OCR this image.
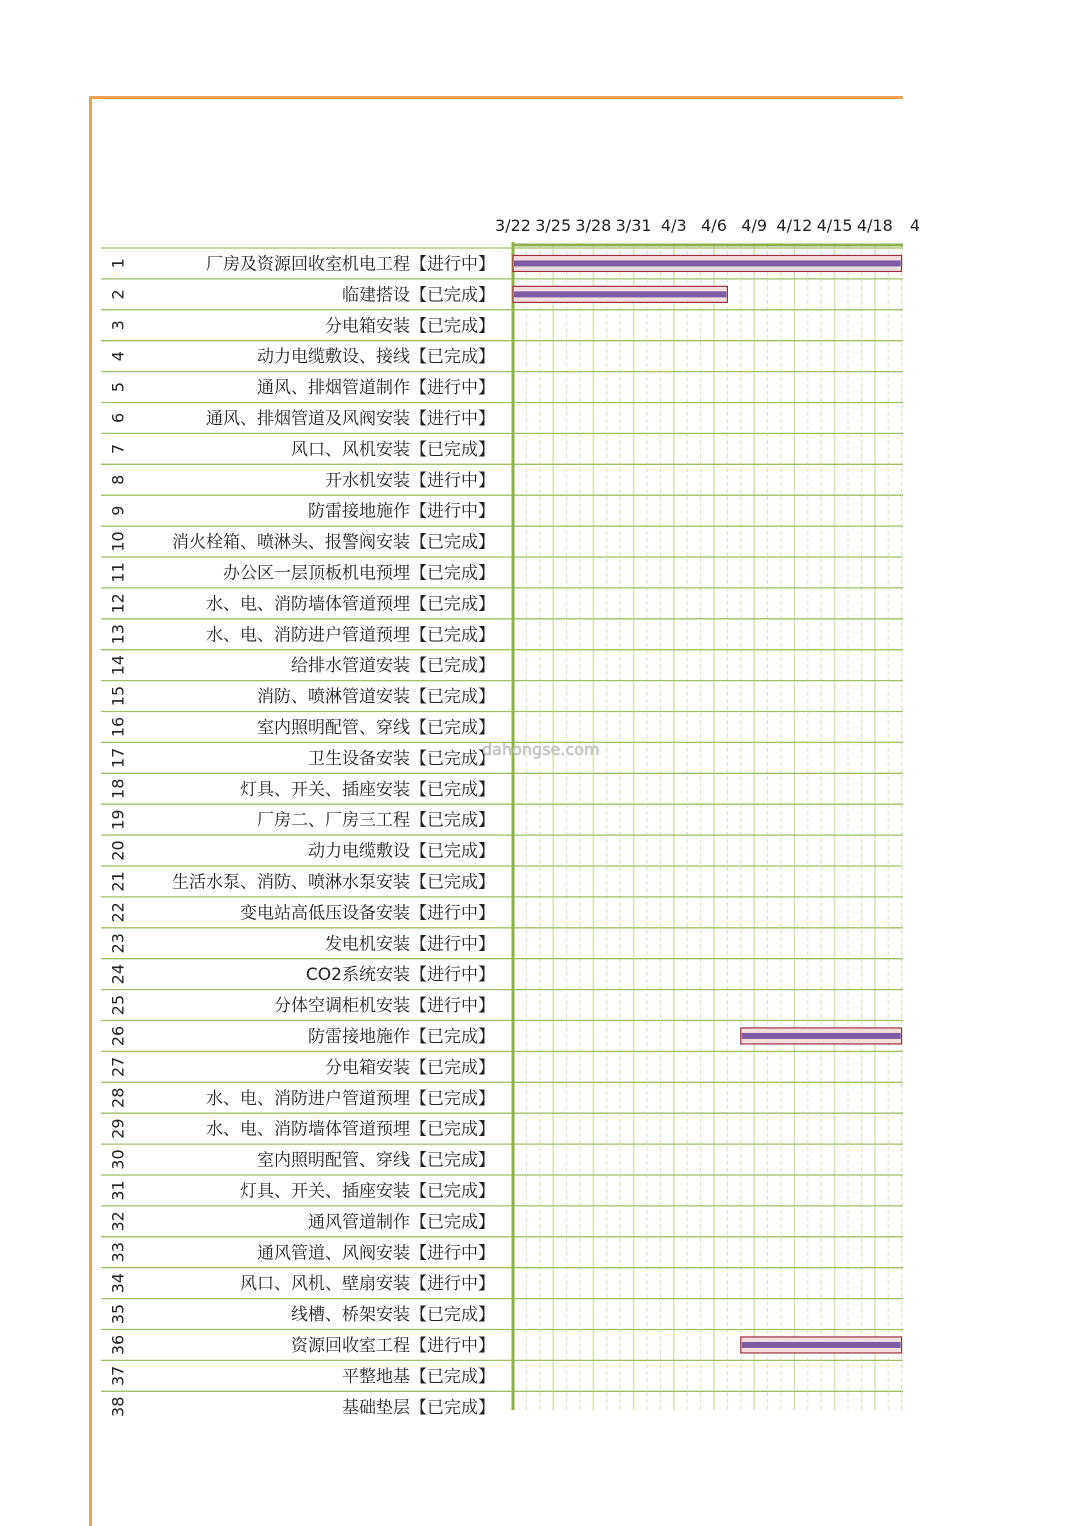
3/22 3/25 3/28 3/31 4/3 4/6 4/9 4/12 4/15 4/18 4
1
2
3
4
5
6
7
8
9
10
11
12
13
14
15
16
17
18
19
20
21
22
23
24
25
26
27
28
29
30
31
32
33
34
35
36
37
38
厂房及资源回收室机电工程【进行中】
临建搭设【已完成】
分电箱安装【已完成】
动力电缆敷设、接线【已完成】
通风、排烟管道制作【进行中】
通风、排烟管道及风阀安装【进行中】
风口、风机安装【已完成】
开水机安装【进行中】
防雷接地施作【进行中】
消火栓箱、喷淋头、报警阀安装【已完成】
办公区一层顶板机电预埋【已完成】
水、电、消防墙体管道预埋【已完成】
水、电、消防进户管道预埋【已完成】
给排水管道安装【已完成】
消防、喷淋管道安装【已完成】
室内照明配管、穿线【已完成】
卫生设备安装【已完成】
灯具、开关、插座安装【已完成】
厂房二、厂房三工程【已完成】
动力电缆敷设【已完成】
生活水泵、消防、喷淋水泵安装【已完成】
变电站高低压设备安装【进行中】
发电机安装【进行中】
CO2系统安装【进行中】
分体空调柜机安装【进行中】
防雷接地施作【已完成】
分电箱安装【已完成】
水、电、消防进户管道预埋【已完成】
水、电、消防墙体管道预埋【已完成】
室内照明配管、穿线【已完成】
灯具、开关、插座安装【已完成】
通风管道制作【已完成】
通风管道、风阀安装【进行中】
风口、风机、壁扇安装【进行中】
线槽、桥架安装【已完成】
资源回收室工程【进行中】
平整地基【已完成】
基础垫层【已完成】
dahongse.com
